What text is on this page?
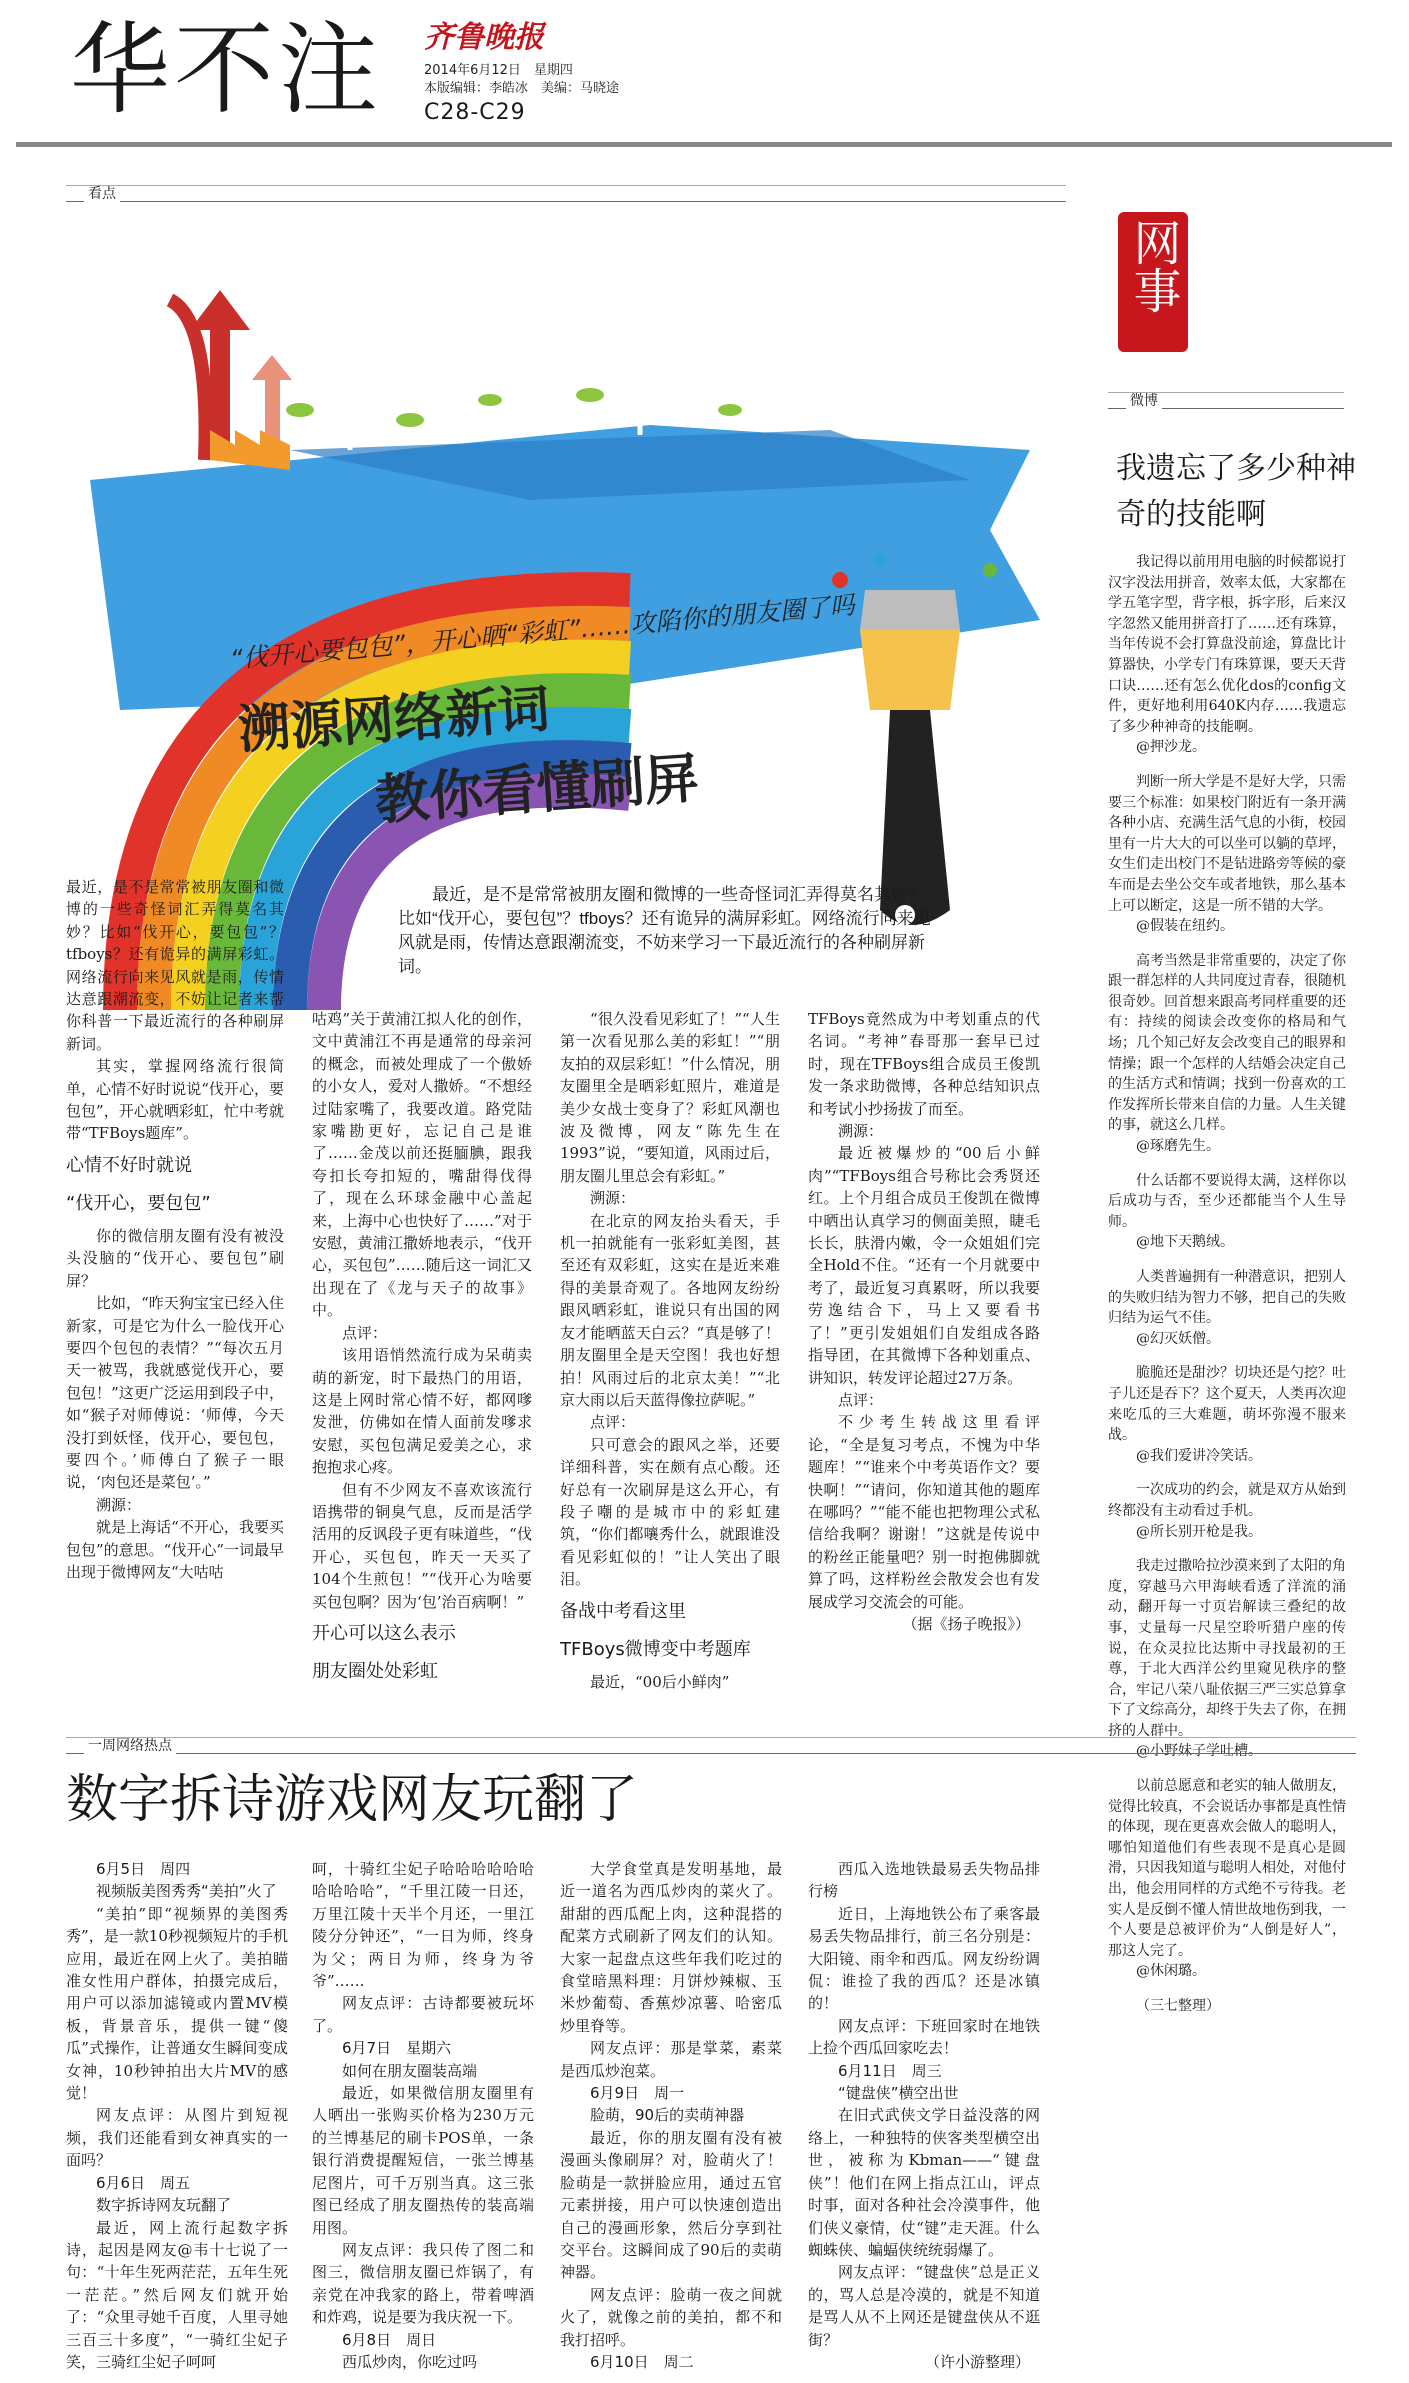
华不注 齐鲁晚报
2014年6月12日　星期四
本版编辑：李皓冰　美编：马晓途
C28-C29
看点
网事
微博
我遗忘了多少种神奇的技能啊
“伐开心要包包”，开心晒“彩虹”……攻陷你的朋友圈了吗
溯源网络新词
教你看懂刷屏
最近，是不是常常被朋友圈和微博的一些奇怪词汇弄得莫名其妙？比如“伐开心，要包包”？tfboys？还有诡异的满屏彩虹。网络流行向来见风就是雨，传情达意跟潮流变，不妨来学习一下最近流行的各种刷屏新词。

最近，是不是常常被朋友圈和微博的一些奇怪词汇弄得莫名其妙？比如“伐开心，要包包”？tfboys？还有诡异的满屏彩虹。网络流行向来见风就是雨，传情达意跟潮流变，不妨让记者来帮你科普一下最近流行的各种刷屏新词。

其实，掌握网络流行很简单，心情不好时说说“伐开心，要包包”，开心就晒彩虹，忙中考就带“TFBoys题库”。

心情不好时就说

“伐开心，要包包”

你的微信朋友圈有没有被没头没脑的“伐开心、要包包”刷屏？

比如，“昨天狗宝宝已经入住新家，可是它为什么一脸伐开心要四个包包的表情？”“每次五月天一被骂，我就感觉伐开心，要包包！”这更广泛运用到段子中，如“猴子对师傅说：‘师傅，今天没打到妖怪，伐开心，要包包，要四个。’师傅白了猴子一眼说，‘肉包还是菜包’。”

溯源：

就是上海话“不开心，我要买包包”的意思。“伐开心”一词最早出现于微博网友“大咕咕

咕鸡”关于黄浦江拟人化的创作，文中黄浦江不再是通常的母亲河的概念，而被处理成了一个傲娇的小女人，爱对人撒娇。“不想经过陆家嘴了，我要改道。路党陆家嘴勘更好，忘记自己是谁了……金茂以前还挺腼腆，跟我夸扣长夸扣短的，嘴甜得伐得了，现在么环球金融中心盖起来，上海中心也快好了……”对于安慰，黄浦江撒娇地表示，“伐开心，买包包”……随后这一词汇又出现在了《龙与天子的故事》中。

点评：

该用语悄然流行成为呆萌卖萌的新宠，时下最热门的用语，这是上网时常心情不好，都网嗲发泄，仿佛如在情人面前发嗲求安慰，买包包满足爱美之心，求抱抱求心疼。

但有不少网友不喜欢该流行语携带的铜臭气息，反而是活学活用的反讽段子更有味道些，“伐开心，买包包，昨天一天买了104个生煎包！”“伐开心为啥要买包包啊？因为‘包’治百病啊！”

开心可以这么表示

朋友圈处处彩虹

“很久没看见彩虹了！”“人生第一次看见那么美的彩虹！”“朋友拍的双层彩虹！”什么情况，朋友圈里全是晒彩虹照片，难道是美少女战士变身了？彩虹风潮也波及微博，网友“陈先生在1993”说，“要知道，风雨过后，朋友圈儿里总会有彩虹。”

溯源：

在北京的网友抬头看天，手机一拍就能有一张彩虹美图，甚至还有双彩虹，这实在是近来难得的美景奇观了。各地网友纷纷跟风晒彩虹，谁说只有出国的网友才能晒蓝天白云？“真是够了！朋友圈里全是天空图！我也好想拍！风雨过后的北京太美！”“北京大雨以后天蓝得像拉萨呢。”

点评：

只可意会的跟风之举，还要详细科普，实在颇有点心酸。还好总有一次刷屏是这么开心，有段子嘲的是城市中的彩虹建筑，“你们都嚷秀什么，就跟谁没看见彩虹似的！”让人笑出了眼泪。

备战中考看这里

TFBoys微博变中考题库

最近，“00后小鲜肉”

TFBoys竟然成为中考划重点的代名词。“考神”春哥那一套早已过时，现在TFBoys组合成员王俊凯发一条求助微博，各种总结知识点和考试小抄扬拔了而至。

溯源：

最近被爆炒的“00后小鲜肉”“TFBoys组合号称比会秀贤还红。上个月组合成员王俊凯在微博中晒出认真学习的侧面美照，睫毛长长，肤滑内嫩，令一众姐姐们完全Hold不住。“还有一个月就要中考了，最近复习真累呀，所以我要劳逸结合下，马上又要看书了！”更引发姐姐们自发组成各路指导团，在其微博下各种划重点、讲知识，转发评论超过27万条。

点评：

不少考生转战这里看评论，“全是复习考点，不愧为中华题库！”“谁来个中考英语作文？要快啊！”“请问，你知道其他的题库在哪吗？”“能不能也把物理公式私信给我啊？谢谢！”这就是传说中的粉丝正能量吧？别一时抱佛脚就算了吗，这样粉丝会散发会也有发展成学习交流会的可能。

（据《扬子晚报》）

我记得以前用用电脑的时候都说打汉字没法用拼音，效率太低，大家都在学五笔字型，背字根，拆字形，后来汉字忽然又能用拼音打了……还有珠算，当年传说不会打算盘没前途，算盘比计算器快，小学专门有珠算课，要天天背口诀……还有怎么优化dos的config文件，更好地利用640K内存……我遗忘了多少种神奇的技能啊。

@押沙龙。

判断一所大学是不是好大学，只需要三个标准：如果校门附近有一条开满各种小店、充满生活气息的小街，校园里有一片大大的可以坐可以躺的草坪，女生们走出校门不是钻进路旁等候的豪车而是去坐公交车或者地铁，那么基本上可以断定，这是一所不错的大学。

@假装在纽约。

高考当然是非常重要的，决定了你跟一群怎样的人共同度过青春，很随机很奇妙。回首想来跟高考同样重要的还有：持续的阅读会改变你的格局和气场；几个知己好友会改变自己的眼界和情操；跟一个怎样的人结婚会决定自己的生活方式和情调；找到一份喜欢的工作发挥所长带来自信的力量。人生关键的事，就这么几样。

@琢磨先生。

什么话都不要说得太满，这样你以后成功与否，至少还都能当个人生导师。

@地下天鹅绒。

人类普遍拥有一种潜意识，把别人的失败归结为智力不够，把自己的失败归结为运气不佳。

@幻灭妖僧。

脆脆还是甜沙？切块还是勺挖？吐子儿还是吞下？这个夏天，人类再次迎来吃瓜的三大难题，萌坏弥漫不服来战。

@我们爱讲冷笑话。

一次成功的约会，就是双方从始到终都没有主动看过手机。

@所长别开枪是我。

我走过撒哈拉沙漠来到了太阳的角度，穿越马六甲海峡看透了洋流的涌动，翻开每一寸页岩解读三叠纪的故事，丈量每一尺星空聆听猎户座的传说，在众灵拉比达斯中寻找最初的王尊，于北大西洋公约里窥见秩序的整合，牢记八荣八耻依据三严三实总算拿下了文综高分，却终于失去了你，在拥挤的人群中。

@小野妹子学吐槽。

以前总愿意和老实的轴人做朋友，觉得比较真，不会说话办事都是真性情的体现，现在更喜欢会做人的聪明人，哪怕知道他们有些表现不是真心是圆滑，只因我知道与聪明人相处，对他付出，他会用同样的方式绝不亏待我。老实人是反倒不懂人情世故地伤到我，一个人要是总被评价为“人倒是好人”，那这人完了。

@休闲璐。

（三七整理）

一周网络热点
数字拆诗游戏网友玩翻了

6月5日　周四

视频版美图秀秀“美拍”火了

“美拍”即“视频界的美图秀秀”，是一款10秒视频短片的手机应用，最近在网上火了。美拍瞄准女性用户群体，拍摄完成后，用户可以添加滤镜或内置MV模板，背景音乐，提供一键“傻瓜”式操作，让普通女生瞬间变成女神，10秒钟拍出大片MV的感觉！

网友点评：从图片到短视频，我们还能看到女神真实的一面吗？

6月6日　周五

数字拆诗网友玩翻了

最近，网上流行起数字拆诗，起因是网友@韦十七说了一句：“十年生死两茫茫，五年生死一茫茫。”然后网友们就开始了：“众里寻她千百度，人里寻她三百三十多度”，“一骑红尘妃子笑，三骑红尘妃子呵呵

呵，十骑红尘妃子哈哈哈哈哈哈哈哈哈哈”，“千里江陵一日还，万里江陵十天半个月还，一里江陵分分钟还”，“一日为师，终身为父；两日为师，终身为爷爷”……

网友点评：古诗都要被玩坏了。

6月7日　星期六

如何在朋友圈装高端

最近，如果微信朋友圈里有人晒出一张购买价格为230万元的兰博基尼的刷卡POS单，一条银行消费提醒短信，一张兰博基尼图片，可千万别当真。这三张图已经成了朋友圈热传的装高端用图。

网友点评：我只传了图二和图三，微信朋友圈已炸锅了，有亲党在冲我家的路上，带着啤酒和炸鸡，说是要为我庆祝一下。

6月8日　周日

西瓜炒肉，你吃过吗

大学食堂真是发明基地，最近一道名为西瓜炒肉的菜火了。甜甜的西瓜配上肉，这种混搭的配菜方式刷新了网友们的认知。大家一起盘点这些年我们吃过的食堂暗黑料理：月饼炒辣椒、玉米炒葡萄、香蕉炒凉薯、哈密瓜炒里脊等。

网友点评：那是掌菜，素菜是西瓜炒泡菜。

6月9日　周一

脸萌，90后的卖萌神器

最近，你的朋友圈有没有被漫画头像刷屏？对，脸萌火了！脸萌是一款拼脸应用，通过五官元素拼接，用户可以快速创造出自己的漫画形象，然后分享到社交平台。这瞬间成了90后的卖萌神器。

网友点评：脸萌一夜之间就火了，就像之前的美拍，都不和我打招呼。

6月10日　周二

西瓜入选地铁最易丢失物品排行榜

近日，上海地铁公布了乘客最易丢失物品排行，前三名分别是：大阳镜、雨伞和西瓜。网友纷纷调侃：谁捡了我的西瓜？还是冰镇的！

网友点评：下班回家时在地铁上捡个西瓜回家吃去！

6月11日　周三

“键盘侠”横空出世

在旧式武侠文学日益没落的网络上，一种独特的侠客类型横空出世，被称为Kbman——“键盘侠”！他们在网上指点江山，评点时事，面对各种社会冷漠事件，他们侠义豪情，仗“键”走天涯。什么蜘蛛侠、蝙蝠侠统统弱爆了。

网友点评：“键盘侠”总是正义的，骂人总是冷漠的，就是不知道是骂人从不上网还是键盘侠从不逛街？

（许小游整理）
